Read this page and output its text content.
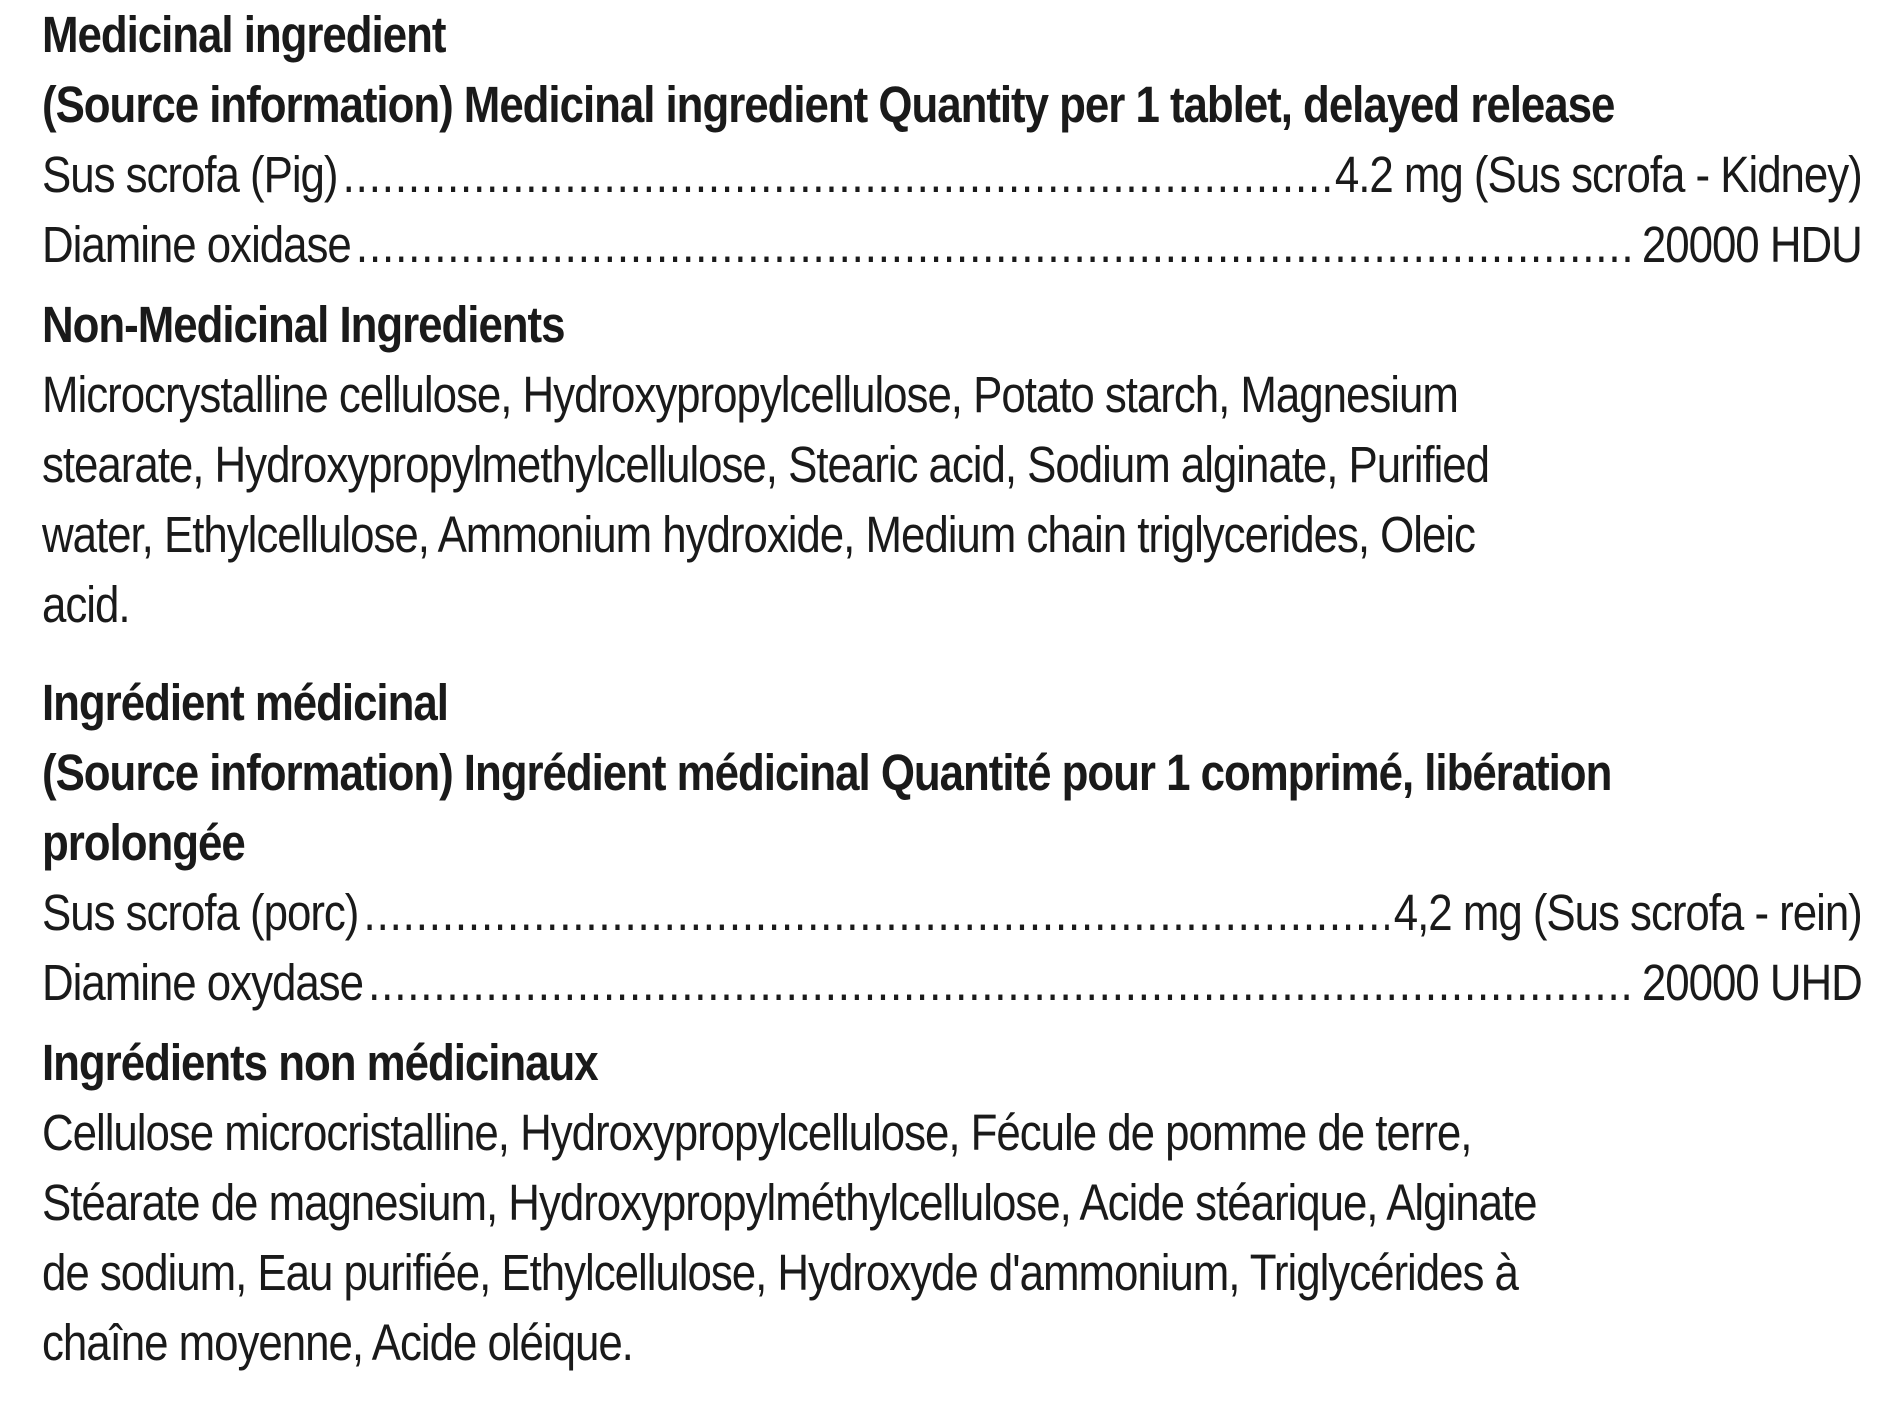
Medicinal ingredient
(Source information) Medicinal ingredient Quantity per 1 tablet, delayed release
Sus scrofa (Pig) .....	4.2 mg (Sus scrofa - Kidney)
Diamine oxidase .....	20000 HDU
Non-Medicinal Ingredients
Microcrystalline cellulose, Hydroxypropylcellulose, Potato starch, Magnesium
stearate, Hydroxypropylmethylcellulose, Stearic acid, Sodium alginate, Purified
water, Ethylcellulose, Ammonium hydroxide, Medium chain triglycerides, Oleic
acid.
Ingrédient médicinal
(Source information) Ingrédient médicinal Quantité pour 1 comprimé, libération
prolongée
Sus scrofa (porc) .....	4,2 mg (Sus scrofa - rein)
Diamine oxydase .....	20000 UHD
Ingrédients non médicinaux
Cellulose microcristalline, Hydroxypropylcellulose, Fécule de pomme de terre,
Stéarate de magnesium, Hydroxypropylméthylcellulose, Acide stéarique, Alginate
de sodium, Eau purifiée, Ethylcellulose, Hydroxyde d'ammonium, Triglycérides à
chaîne moyenne, Acide oléique.
